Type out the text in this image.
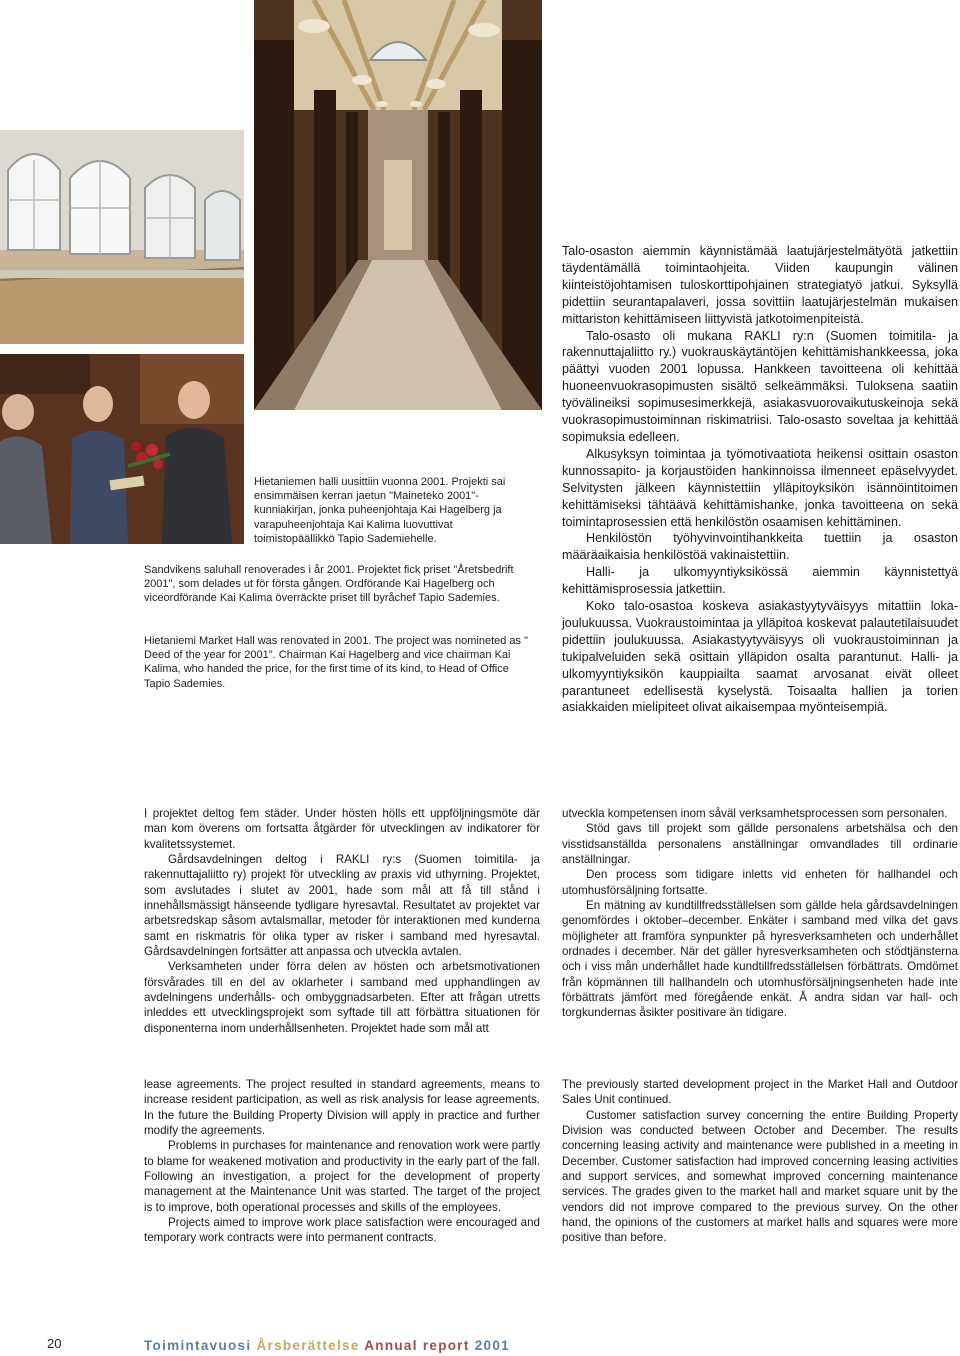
Hietaniemen halli uusittiin vuonna 2001. Projekti sai ensimmäisen kerran jaetun "Maineteko 2001"-kunniakirjan, jonka puheenjohtaja Kai Hagelberg ja varapuheenjohtaja Kai Kalima luovuttivat toimistopäällikkö Tapio Sademiehelle.

Sandvikens saluhall renoverades i år 2001. Projektet fick priset "Åretsbedrift 2001", som delades ut för första gången. Ordförande Kai Hagelberg och viceordförande Kai Kalima överräckte priset till byråchef Tapio Sademies.

Hietaniemi Market Hall was renovated in 2001. The project was nomineted as " Deed of the year for 2001". Chairman Kai Hagelberg and vice chairman Kai Kalima, who handed the price, for the first time of its kind, to Head of Office Tapio Sademies.

Talo-osaston aiemmin käynnistämää laatujärjestelmätyötä jatkettiin täydentämällä toimintaohjeita. Viiden kaupungin välinen kiinteistöjohtamisen tuloskorttipohjainen strategiatyö jatkui. Syksyllä pidettiin seurantapalaveri, jossa sovittiin laatujärjestelmän mukaisen mittariston kehittämiseen liittyvistä jatkotoimenpiteistä.

Talo-osasto oli mukana RAKLI ry:n (Suomen toimitila- ja rakennuttajaliitto ry.) vuokrauskäytäntöjen kehittämishankkeessa, joka päättyi vuoden 2001 lopussa. Hankkeen tavoitteena oli kehittää huoneenvuokrasopimusten sisältö selkeämmäksi. Tuloksena saatiin työvälineiksi sopimusesimerkkejä, asiakasvuorovaikutuskeinoja sekä vuokrasopimustoiminnan riskimatriisi. Talo-osasto soveltaa ja kehittää sopimuksia edelleen.

Alkusyksyn toimintaa ja työmotivaatiota heikensi osittain osaston kunnossapito- ja korjaustöiden hankinnoissa ilmenneet epäselvyydet. Selvitysten jälkeen käynnistettiin ylläpitoyksikön isännöintitoimen kehittämiseksi tähtäävä kehittämishanke, jonka tavoitteena on sekä toimintaprosessien että henkilöstön osaamisen kehittäminen.

Henkilöstön työhyvinvointihankkeita tuettiin ja osaston määräaikaisia henkilöstöä vakinaistettiin.

Halli- ja ulkomyyntiyksikössä aiemmin käynnistettyä kehittämisprosessia jatkettiin.

Koko talo-osastoa koskeva asiakastyytyväisyys mitattiin loka-joulukuussa. Vuokraustoimintaa ja ylläpitoa koskevat palautetilaisuudet pidettiin joulukuussa. Asiakastyytyväisyys oli vuokraustoiminnan ja tukipalveluiden sekä osittain ylläpidon osalta parantunut. Halli- ja ulkomyyntiyksikön kauppiailta saamat arvosanat eivät olleet parantuneet edellisestä kyselystä. Toisaalta hallien ja torien asiakkaiden mielipiteet olivat aikaisempaa myönteisempiä.

I projektet deltog fem städer. Under hösten hölls ett uppföljningsmöte där man kom överens om fortsatta åtgärder för utvecklingen av indikatorer för kvalitetssystemet.

Gårdsavdelningen deltog i RAKLI ry:s (Suomen toimitila- ja rakennuttajaliitto ry) projekt för utveckling av praxis vid uthyrning. Projektet, som avslutades i slutet av 2001, hade som mål att få till stånd i innehållsmässigt hänseende tydligare hyresavtal. Resultatet av projektet var arbetsredskap såsom avtalsmallar, metoder för interaktionen med kunderna samt en riskmatris för olika typer av risker i samband med hyresavtal. Gårdsavdelningen fortsätter att anpassa och utveckla avtalen.

Verksamheten under förra delen av hösten och arbetsmotivationen försvårades till en del av oklarheter i samband med upphandlingen av avdelningens underhålls- och ombyggnadsarbeten. Efter att frågan utretts inleddes ett utvecklingsprojekt som syftade till att förbättra situationen för disponenterna inom underhållsenheten. Projektet hade som mål att

utveckla kompetensen inom såväl verksamhetsprocessen som personalen.

Stöd gavs till projekt som gällde personalens arbetshälsa och den visstidsanställda personalens anställningar omvandlades till ordinarie anställningar.

Den process som tidigare inletts vid enheten för hallhandel och utomhusförsäljning fortsatte.

En mätning av kundtillfredsställelsen som gällde hela gårdsavdelningen genomfördes i oktober–december. Enkäter i samband med vilka det gavs möjligheter att framföra synpunkter på hyresverksamheten och underhållet ordnades i december. När det gäller hyresverksamheten och stödtjänsterna och i viss mån underhållet hade kundtillfredsställelsen förbättrats. Omdömet från köpmännen till hallhandeln och utomhusförsäljningsenheten hade inte förbättrats jämfört med föregående enkät. Å andra sidan var hall- och torgkundernas åsikter positivare än tidigare.

lease agreements. The project resulted in standard agreements, means to increase resident participation, as well as risk analysis for lease agreements. In the future the Building Property Division will apply in practice and further modify the agreements.

Problems in purchases for maintenance and renovation work were partly to blame for weakened motivation and productivity in the early part of the fall. Following an investigation, a project for the development of property management at the Maintenance Unit was started. The target of the project is to improve, both operational processes and skills of the employees.

Projects aimed to improve work place satisfaction were encouraged and temporary work contracts were into permanent contracts.

The previously started development project in the Market Hall and Outdoor Sales Unit continued.

Customer satisfaction survey concerning the entire Building Property Division was conducted between October and December. The results concerning leasing activity and maintenance were published in a meeting in December. Customer satisfaction had improved concerning leasing activities and support services, and somewhat improved concerning maintenance services. The grades given to the market hall and market square unit by the vendors did not improve compared to the previous survey. On the other hand, the opinions of the customers at market halls and squares were more positive than before.

20	Toimintavuosi Årsberättelse Annual report 2001
